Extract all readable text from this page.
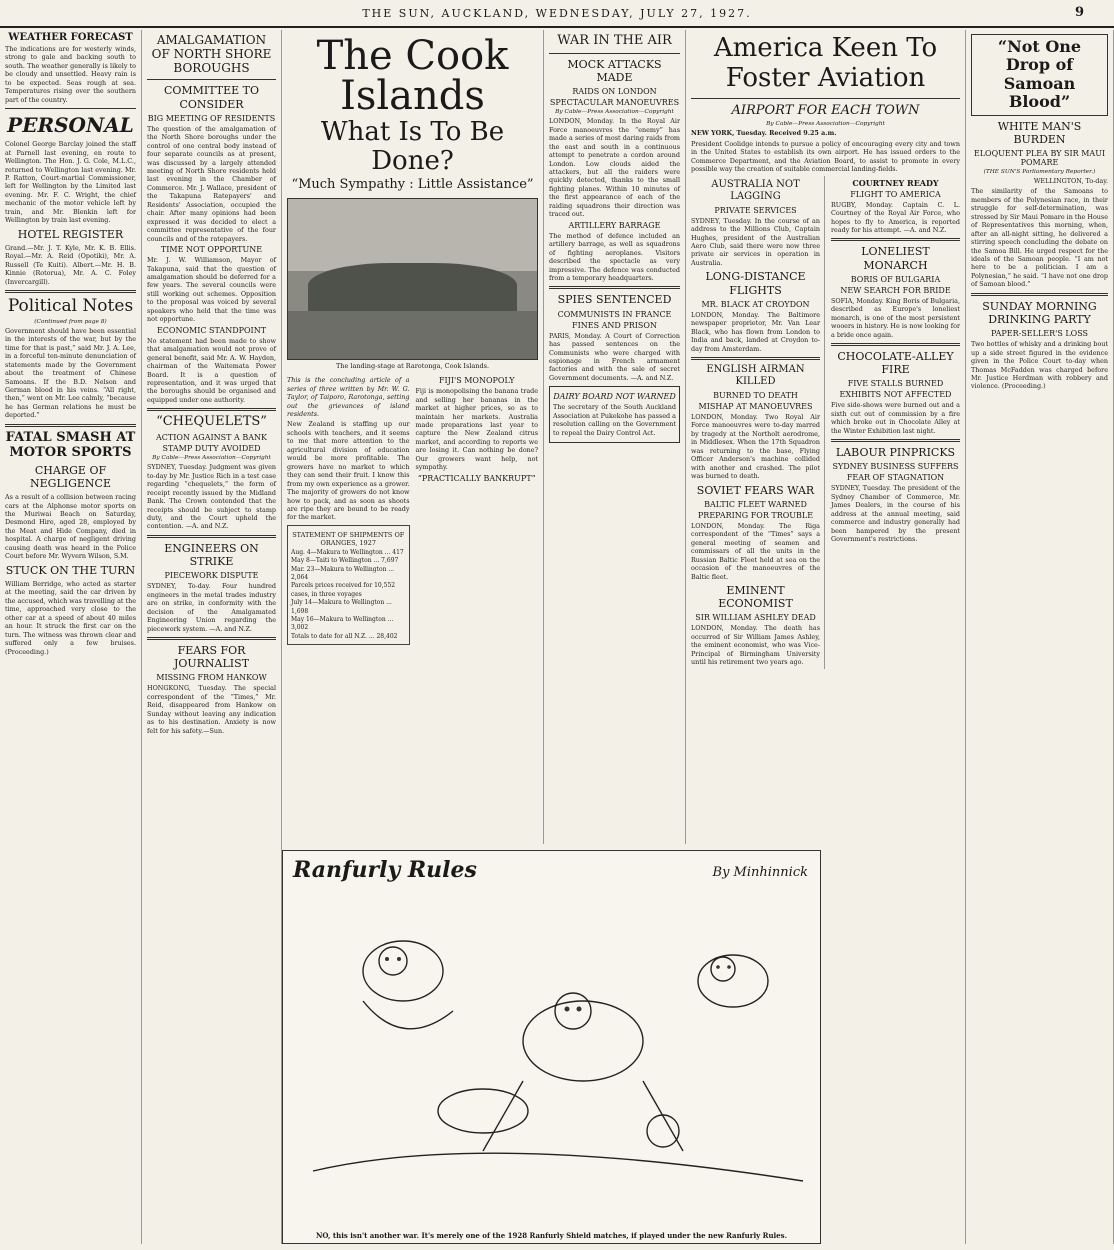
THE SUN, AUCKLAND, WEDNESDAY, JULY 27, 1927.	9
WEATHER FORECAST
The indications are for westerly winds, strong to gale and backing south to south. The weather generally is likely to be cloudy and unsettled. Heavy rain is to be expected. Seas rough at sea. Temperatures rising over the southern part of the country.
PERSONAL
Colonel George Barclay joined the staff at Parnell last evening, en route to Wellington. The Hon. J. G. Cole, M.L.C., returned to Wellington last evening. Mr. P. Ratton, Court-martial Commissioner, left for Wellington by the Limited last evening. Mr. F. C. Wright, the chief mechanic of the motor vehicle left by train, and Mr. Blenkin left for Wellington by train last evening.
HOTEL REGISTER
Grand.—Mr. J. T. Kyle, Mr. K. B. Ellis. Royal.—Mr. A. Reid (Opotiki), Mr. A. Russell (Te Kuiti). Albert.—Mr. H. B. Kinnie (Rotorua), Mr. A. C. Foley (Invercargill).
Political Notes
(Continued from page 8)
Government should have been essential in the interests of the war, but by the time for that is past,” said Mr. J. A. Lee, in a forceful ten-minute denunciation of statements made by the Government about the treatment of Chinese Samoans. If the B.D. Nelson and German blood in his veins. “All right, then,” went on Mr. Lee calmly, “because he has German relations he must be deported.”
FATAL SMASH AT MOTOR SPORTS
CHARGE OF NEGLIGENCE
As a result of a collision between racing cars at the Alphonse motor sports on the Muriwai Beach on Saturday, Desmond Hire, aged 28, employed by the Meat and Hide Company, died in hospital. A charge of negligent driving causing death was heard in the Police Court before Mr. Wyvern Wilson, S.M.
STUCK ON THE TURN
William Berridge, who acted as starter at the meeting, said the car driven by the accused, which was travelling at the time, approached very close to the other car at a speed of about 40 miles an hour. It struck the first car on the turn. The witness was thrown clear and suffered only a few bruises. (Proceeding.)
AMALGAMATION OF NORTH SHORE BOROUGHS
COMMITTEE TO CONSIDER
BIG MEETING OF RESIDENTS
The question of the amalgamation of the North Shore boroughs under the control of one central body instead of four separate councils as at present, was discussed by a largely attended meeting of North Shore residents held last evening in the Chamber of Commerce. Mr. J. Wallace, president of the Takapuna Ratepayers' and Residents' Association, occupied the chair. After many opinions had been expressed it was decided to elect a committee representative of the four councils and of the ratepayers.
TIME NOT OPPORTUNE
Mr. J. W. Williamson, Mayor of Takapuna, said that the question of amalgamation should be deferred for a few years. The several councils were still working out schemes. Opposition to the proposal was voiced by several speakers who held that the time was not opportune.
ECONOMIC STANDPOINT
No statement had been made to show that amalgamation would not prove of general benefit, said Mr. A. W. Hayden, chairman of the Waitemata Power Board. It is a question of representation, and it was urged that the boroughs should be organised and equipped under one authority.
“CHEQUELETS”
ACTION AGAINST A BANK
STAMP DUTY AVOIDED
By Cable—Press Association—Copyright
SYDNEY, Tuesday. Judgment was given to-day by Mr. Justice Rich in a test case regarding “chequelets,” the form of receipt recently issued by the Midland Bank. The Crown contended that the receipts should be subject to stamp duty, and the Court upheld the contention. —A. and N.Z.
ENGINEERS ON STRIKE
PIECEWORK DISPUTE
SYDNEY, To-day. Four hundred engineers in the metal trades industry are on strike, in conformity with the decision of the Amalgamated Engineering Union regarding the piecework system. —A. and N.Z.
FEARS FOR JOURNALIST
MISSING FROM HANKOW
HONGKONG, Tuesday. The special correspondent of the “Times,” Mr. Reid, disappeared from Hankow on Sunday without leaving any indication as to his destination. Anxiety is now felt for his safety.—Sun.
The Cook Islands
What Is To Be Done?
“Much Sympathy : Little Assistance”
The landing-stage at Rarotonga, Cook Islands.
This is the concluding article of a series of three written by Mr. W. G. Taylor, of Taiporo, Rarotonga, setting out the grievances of island residents.
New Zealand is staffing up our schools with teachers, and it seems to me that more attention to the agricultural division of education would be more profitable. The growers have no market to which they can send their fruit. I know this from my own experience as a grower. The majority of growers do not know how to pack, and as soon as shoots are ripe they are bound to be ready for the market.
STATEMENT OF SHIPMENTS OF ORANGES, 1927
Aug. 4—Makura to Wellington ... 417
May 8—Taiti to Wellington ... 7,697
Mar. 23—Makura to Wellington ... 2,064
Parcels prices received for 10,552 cases, in three voyages
July 14—Makura to Wellington ... 1,698
May 16—Makura to Wellington ... 3,002
Totals to date for all N.Z. ... 28,402
FIJI'S MONOPOLY
Fiji is monopolising the banana trade and selling her bananas in the market at higher prices, so as to maintain her markets. Australia made preparations last year to capture the New Zealand citrus market, and according to reports we are losing it. Can nothing be done? Our growers want help, not sympathy.
“PRACTICALLY BANKRUPT”
WAR IN THE AIR
MOCK ATTACKS MADE
RAIDS ON LONDON
SPECTACULAR MANOEUVRES
By Cable—Press Association—Copyright
LONDON, Monday. In the Royal Air Force manoeuvres the “enemy” has made a series of most daring raids from the east and south in a continuous attempt to penetrate a cordon around London. Low clouds aided the attackers, but all the raiders were quickly detected, thanks to the small fighting planes. Within 10 minutes of the first appearance of each of the raiding squadrons their direction was traced out.
ARTILLERY BARRAGE
The method of defence included an artillery barrage, as well as squadrons of fighting aeroplanes. Visitors described the spectacle as very impressive. The defence was conducted from a temporary headquarters.
SPIES SENTENCED
COMMUNISTS IN FRANCE
FINES AND PRISON
PARIS, Monday. A Court of Correction has passed sentences on the Communists who were charged with espionage in French armament factories and with the sale of secret Government documents. —A. and N.Z.
DAIRY BOARD NOT WARNED
The secretary of the South Auckland Association at Pukekohe has passed a resolution calling on the Government to repeal the Dairy Control Act.
America Keen To Foster Aviation
AIRPORT FOR EACH TOWN
By Cable—Press Association—Copyright
NEW YORK, Tuesday. Received 9.25 a.m.
President Coolidge intends to pursue a policy of encouraging every city and town in the United States to establish its own airport. He has issued orders to the Commerce Department, and the Aviation Board, to assist to promote in every possible way the creation of suitable commercial landing-fields.
AUSTRALIA NOT LAGGING
PRIVATE SERVICES
SYDNEY, Tuesday. In the course of an address to the Millions Club, Captain Hughes, president of the Australian Aero Club, said there were now three private air services in operation in Australia.
LONG-DISTANCE FLIGHTS
MR. BLACK AT CROYDON
LONDON, Monday. The Baltimore newspaper proprietor, Mr. Van Lear Black, who has flown from London to India and back, landed at Croydon to-day from Amsterdam.
ENGLISH AIRMAN KILLED
BURNED TO DEATH
MISHAP AT MANOEUVRES
LONDON, Monday. Two Royal Air Force manoeuvres were to-day marred by tragedy at the Northolt aerodrome, in Middlesex. When the 17th Squadron was returning to the base, Flying Officer Anderson's machine collided with another and crashed. The pilot was burned to death.
SOVIET FEARS WAR
BALTIC FLEET WARNED
PREPARING FOR TROUBLE
LONDON, Monday. The Riga correspondent of the “Times” says a general meeting of seamen and commissars of all the units in the Russian Baltic Fleet held at sea on the occasion of the manoeuvres of the Baltic fleet.
EMINENT ECONOMIST
SIR WILLIAM ASHLEY DEAD
LONDON, Monday. The death has occurred of Sir William James Ashley, the eminent economist, who was Vice-Principal of Birmingham University until his retirement two years ago.
COURTNEY READY
FLIGHT TO AMERICA
RUGBY, Monday. Captain C. L. Courtney of the Royal Air Force, who hopes to fly to America, is reported ready for his attempt. —A. and N.Z.
LONELIEST MONARCH
BORIS OF BULGARIA
NEW SEARCH FOR BRIDE
SOFIA, Monday. King Boris of Bulgaria, described as Europe's loneliest monarch, is one of the most persistent wooers in history. He is now looking for a bride once again.
CHOCOLATE-ALLEY FIRE
FIVE STALLS BURNED
EXHIBITS NOT AFFECTED
Five side-shows were burned out and a sixth cut out of commission by a fire which broke out in Chocolate Alley at the Winter Exhibition last night.
LABOUR PINPRICKS
SYDNEY BUSINESS SUFFERS
FEAR OF STAGNATION
SYDNEY, Tuesday. The president of the Sydney Chamber of Commerce, Mr. James Dealers, in the course of his address at the annual meeting, said commerce and industry generally had been hampered by the present Government's restrictions.
“Not One Drop of Samoan Blood”
WHITE MAN'S BURDEN
ELOQUENT PLEA BY SIR MAUI POMARE
(THE SUN'S Parliamentary Reporter.)
WELLINGTON, To-day.
The similarity of the Samoans to members of the Polynesian race, in their struggle for self-determination, was stressed by Sir Maui Pomare in the House of Representatives this morning, when, after an all-night sitting, he delivered a stirring speech concluding the debate on the Samoa Bill. He urged respect for the ideals of the Samoan people. “I am not here to be a politician. I am a Polynesian,” he said. “I have not one drop of Samoan blood.”
SUNDAY MORNING DRINKING PARTY
PAPER-SELLER'S LOSS
Two bottles of whisky and a drinking bout up a side street figured in the evidence given in the Police Court to-day when Thomas McFadden was charged before Mr. Justice Herdman with robbery and violence. (Proceeding.)
Ranfurly Rules	By Minhinnick
NO, this isn't another war. It's merely one of the 1928 Ranfurly Shield matches, if played under the new Ranfurly Rules.
